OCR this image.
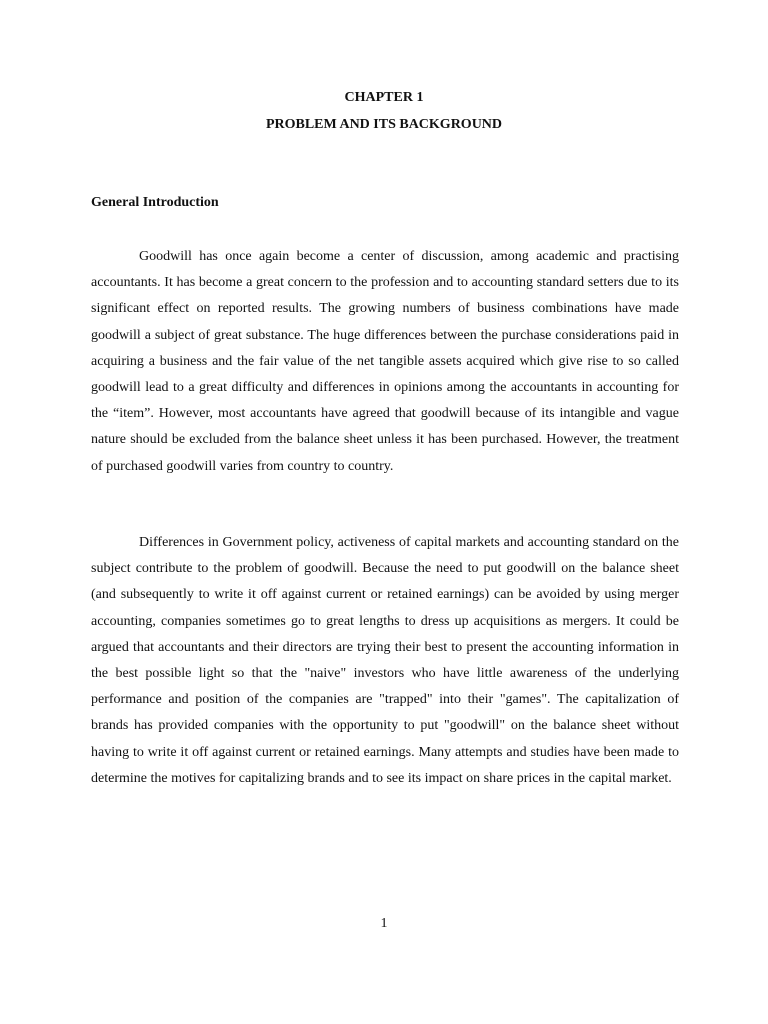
CHAPTER 1
PROBLEM AND ITS BACKGROUND
General Introduction

Goodwill has once again become a center of discussion, among academic and practising accountants. It has become a great concern to the profession and to accounting standard setters due to its significant effect on reported results. The growing numbers of business combinations have made goodwill a subject of great substance. The huge differences between the purchase considerations paid in acquiring a business and the fair value of the net tangible assets acquired which give rise to so called goodwill lead to a great difficulty and differences in opinions among the accountants in accounting for the “item”. However, most accountants have agreed that goodwill because of its intangible and vague nature should be excluded from the balance sheet unless it has been purchased. However, the treatment of purchased goodwill varies from country to country.

Differences in Government policy, activeness of capital markets and accounting standard on the subject contribute to the problem of goodwill. Because the need to put goodwill on the balance sheet (and subsequently to write it off against current or retained earnings) can be avoided by using merger accounting, companies sometimes go to great lengths to dress up acquisitions as mergers. It could be argued that accountants and their directors are trying their best to present the accounting information in the best possible light so that the "naive" investors who have little awareness of the underlying performance and position of the companies are "trapped" into their "games". The capitalization of brands has provided companies with the opportunity to put "goodwill" on the balance sheet without having to write it off against current or retained earnings. Many attempts and studies have been made to determine the motives for capitalizing brands and to see its impact on share prices in the capital market.

1
